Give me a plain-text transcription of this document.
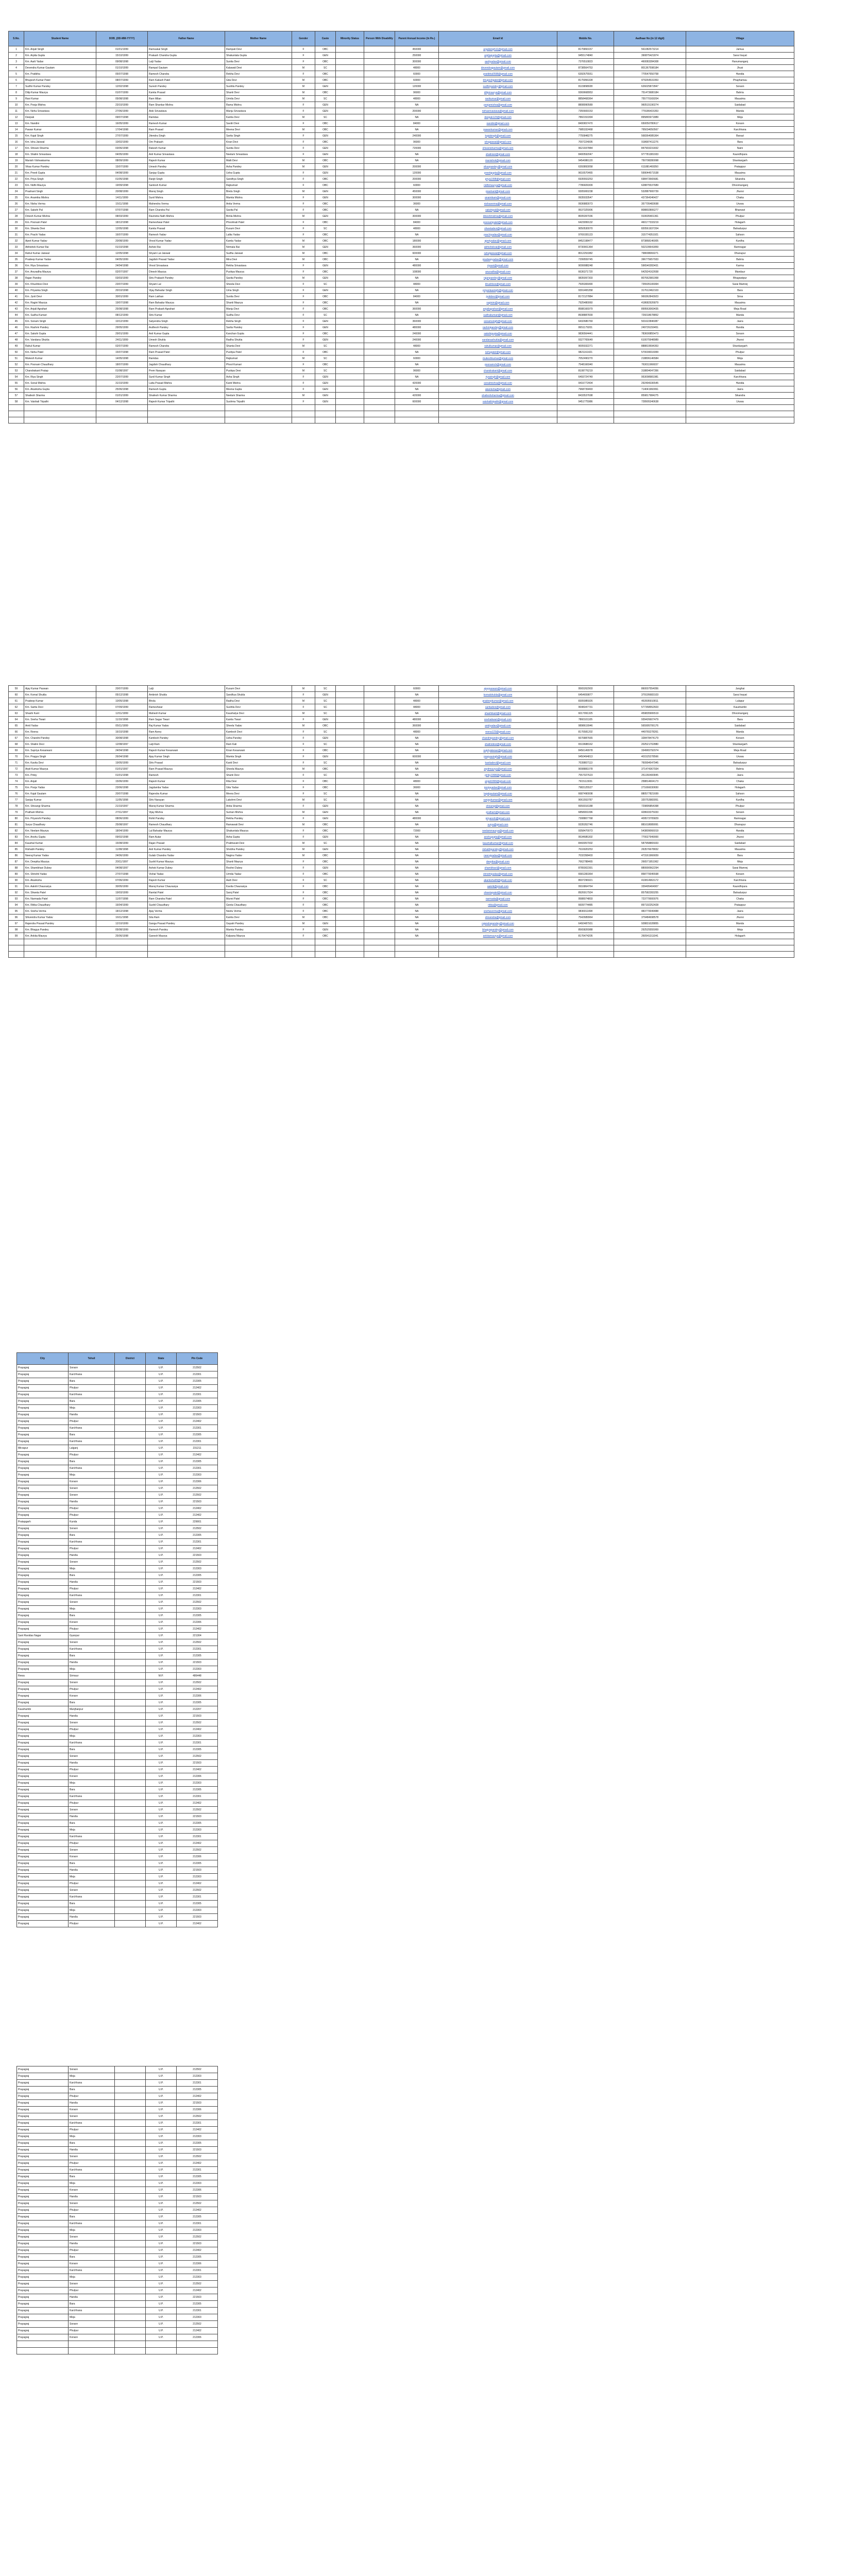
S.No.	Student Name	DOB_(DD-MM-YYYY)	Father Name	Mother Name	Gender	Caste	Minority Status	Person With Disability	Parent Annual Income (In Rs.)	Email Id	Mobile No.	Aadhaar No (in 12 digit)	Village
1	Km. Anjali Singh	01/01/1999	Ramsakal Singh	Rampati Devi	F	OBC			450000	anjalisingh11@gmail.com	8175893157	561082573214	Jamua
2	Km. Arpita Gupta	15/10/1999	Prakash Chandra Gupta	Shakuntala Gupta	F	GEN			250000	arpitagupta@gmail.com	9455174840	390875421874	Sarai Inayat
3	Km. Aarti Yadav	09/08/1998	Lalji Yadav	Sunita Devi	F	OBC			300000	aartiyadav@gmail.com	7376510823	460083284308	Hanumanganj
4	Devendra Kumar Gautam	01/10/1999	Rampal Gautam	Kalawati Devi	M	SC			48000	devendragautam@gmail.com	8738564753	801367598184	Jhusi
5	Km. Pratibha	05/07/1998	Ramesh Chandra	Rekha Devi	F	OBC			60000	pratibha0598@gmail.com	6392675551	770547650758	Handia
6	Bhupesh Kumar Patel	08/07/1999	Ram Kailash Patel	Gita Devi	M	OBC			60000	bhupeshpatel@gmail.com	8175956328	479264531953	Phaphamau
7	Sudhir Kumar Pandey	12/02/1998	Suresh Pandey	Sushila Pandey	M	GEN			120000	sudhirpandey@gmail.com	8115898028	626025872847	Soraon
8	Dilip Kumar Maurya	01/07/1999	Kamta Prasad	Shanti Devi	M	OBC			96000	dilipmaurya@gmail.com	9369668953	751473680184	Bahria
9	Ravi Kumar	05/08/1998	Ram Milan	Urmila Devi	M	SC			48000	ravikumar@gmail.com	8858468364	755770169204	Mauaima
10	Km. Pooja Mishra	23/10/1999	Ram Shankar Mishra	Rama Mishra	F	GEN			NA	poojamishra@gmail.com	8808990589	960515190274	Saidabad
11	Km. Neha Srivastava	27/06/1999	Alok Srivastava	Manju Srivastava	F	GEN			200000	nehasrivastava@gmail.com	7355669153	779186415353	Manda
12	Deepak	09/07/1998	Ramdas	Kamla Devi	M	SC			NA	deepak123@gmail.com	7860153394	895865971889	Meja
13	Km. Nandini	16/05/1999	Ramesh Kumar	Savitri Devi	F	OBC			84000	nandini@gmail.com	8400657470	650050780617	Koraon
14	Pawan Kumar	17/04/1998	Ram Prasad	Meena Devi	M	OBC			NA	pawankumar@gmail.com	7985332468	795034050567	Karchhana
15	Km. Kajal Singh	27/07/1999	Jitendra Singh	Sarita Singh	F	GEN			240000	kajalsingh@gmail.com	7755848275	568364085364	Baraut
16	Km. Isha Jaiswal	10/02/1999	Om Prakash	Kiran Devi	F	OBC			96000	ishajaiswal@gmail.com	7007224005	918687411276	Bara
17	Km. Shivani Sharma	03/06/1998	Rakesh Kumar	Sunita Devi	F	GEN			720000	shivanisharma@gmail.com	9621937884	847903231832	Naini
18	Km. Shalini Srivastava	04/05/1999	Anil Kumar Srivastava	Neelam Srivastava	F	GEN			NA	shalinisri@gmail.com	8400592047	977781381933	Kaundhiyara
19	Manish Vishwakarma	08/09/1999	Rajesh Kumar	Malti Devi	M	OBC			NA	manishvk@gmail.com	9454086120	750708280098	Shankargarh
20	Vikas Kumar Pandey	15/07/1999	Umesh Pandey	Asha Pandey	M	GEN			200000	vikaspandey@gmail.com	6393893058	611881469350	Pratappur
21	Km. Preeti Gupta	04/08/1999	Sanjay Gupta	Usha Gupta	F	GEN			120000	preetigupta@gmail.com	9616570465	599044571538	Mauaima
22	Km. Priya Singh	01/05/1998	Ranjit Singh	Sandhya Singh	F	OBC			200000	priya1998@gmail.com	6935553253	698473565681	Sikandra
23	Km. Nidhi Maurya	19/09/1998	Santosh Kumar	Rajkumari	F	OBC			60000	nidhimaurya@gmail.com	7786609309	628875537689	Dhoomanganj
24	Prashant Singh	20/08/1999	Manoj Singh	Bindu Singh	M	GEN			450000	prashant@gmail.com	9305000238	532887900739	Jhunsi
25	Km. Anamika Mishra	14/11/1999	Sunil Mishra	Mamta Mishra	F	GEN			300000	anamikam@gmail.com	9935033547	437364346427	Chaka
26	Km. Nisha Verma	15/11/1998	Mahendra Verma	Anita Verma	F	OBC			36000	nishaverma@gmail.com	9936883073	357705483698	Uruwa
27	Km. Sakshi Pal	07/07/1998	Ram Chandra Pal	Savita Pal	F	OBC			NA	sakshipal@gmail.com	9537325906	808802806277	Bharwari
28	Dinesh Kumar Mishra	08/03/1999	Ravindra Nath Mishra	Bimla Mishra	M	GEN			300000	dineshmishra@gmail.com	8005397036	910605401361	Phulpur
29	Km. Poonam Patel	18/12/1998	Rameshwar Patel	Phoolmati Patel	F	OBC			84000	poonampatel@gmail.com	6423099132	460177333219	Holagarh
30	Km. Shweta Devi	12/05/1998	Kamla Prasad	Kusum Devi	F	SC			48000	shwetadevi@gmail.com	9050530070	820561937204	Bahadurpur
31	Km. Prachi Yadav	16/07/1999	Ramesh Yadav	Lalita Yadav	F	OBC			NA	prachiyadav@gmail.com	9769155123	315774351921	Sahson
32	Ajeet Kumar Yadav	20/08/1999	Vinod Kumar Yadav	Kamla Yadav	M	OBC			180000	ajeetyadav@gmail.com	8452198477	873868146005	Kurdha
33	Abhishek Kumar Rai	01/10/1998	Ashok Rai	Nirmala Rai	M	GEN			360000	abhishekrai@gmail.com	8730001364	502109641859	Ramnagar
34	Rahul Kumar Jaiswal	12/05/1998	Shyam Lal Jaiswal	Sudha Jaiswal	M	OBC			600000	rahuljaiswal@gmail.com	8012253382	798008069271	Dhanupur
35	Pradeep Kumar Yadav	04/05/1999	Jagdish Prasad Yadav	Mira Devi	M	OBC			NA	pradeepyadav@gmail.com	7299559745	396775657933	Bahria
36	Km. Riya Srivastava	24/04/1998	Vinod Srivastava	Rekha Srivastava	F	GEN			480000	riyasri@gmail.com	9099088248	596540283431	Karma
37	Km. Anuradha Maurya	02/07/1997	Dinesh Maurya	Pushpa Maurya	F	OBC			108000	anuradha@gmail.com	6636371720	642924162658	Mandaur
38	Rajan Pandey	03/03/1999	Shiv Prakash Pandey	Savita Pandey	M	GEN			NA	rajanpandey@gmail.com	9835097303	807662981958	Bhagwatpur
39	Km. Khushboo Devi	23/07/1999	Shyam Lal	Sheela Devi	F	SC			48000	khushboo@gmail.com	7505306490	735505106994	Sarai Mamrej
40	Km. Priyanka Singh	20/10/1998	Vijay Bahadur Singh	Uma Singh	F	GEN			NA	priyankasingh@gmail.com	9391465358	317612462103	Bara
41	Km. Jyoti Devi	30/01/1999	Ram Lakhan	Sunita Devi	F	OBC			84000	jyotidevi@gmail.com	8172127884	969362843923	Sirsa
42	Km. Ragini Maurya	19/07/1998	Ram Bahadur Maurya	Shanti Maurya	F	OBC			NA	raginim@gmail.com	7925480060	418682926879	Mauaima
43	Km. Anjali Agrahari	25/08/1998	Ram Prakash Agrahari	Manju Devi	F	OBC			360000	anjaliagrahari@gmail.com	8588166979	899563069435	Meja Road
44	Km. Sudha Kumari	08/12/1999	Shiv Kumar	Sudha Devi	F	SC			NA	sudhakumari@gmail.com	8938887839	726018678852	Manda
45	Km. Sonam Singh	10/12/1999	Satyendra Singh	Rekha Singh	F	GEN			360000	sonamsingh@gmail.com	6432686769	501622846087	Jasra
46	Km. Rashmi Pandey	29/05/1999	Avdhesh Pandey	Sarita Pandey	F	GEN			480000	rashmipandey@gmail.com	8651179201	249726159451	Handia
47	Km. Sakshi Gupta	29/01/1999	Anil Kumar Gupta	Kanchan Gupta	F	OBC			240000	sakshigupta@gmail.com	9836564441	783600855473	Soraon
48	Km. Vandana Shukla	24/11/1999	Umesh Shukla	Radha Shukla	F	GEN			240000	vandanashukla@gmail.com	9327765649	610075948989	Jhunsi
49	Rahul Kumar	02/07/1999	Ramesh Chandra	Shanta Devi	M	SC			48000	rahulkumar@gmail.com	9005032271	888819594353	Shankargarh
50	Km. Neha Patel	15/07/1998	Ram Prasad Patel	Pushpa Patel	F	OBC			NA	nehapatel@gmail.com	9821161421	570039016999	Phulpur
51	Mukesh Kumar	14/05/1998	Ramdas	Rajkumari	M	SC			60000	mukeshkumar@gmail.com	7052490270	218806146584	Meja
52	Km. Poonam Chaudhary	18/07/1999	Jagdish Chaudhary	Phool Kumari	F	OBC			NA	poonamch@gmail.com	7548166940	763011966037	Mauaima
53	Chandrakant Pratap	01/08/1997	Prem Narayan	Pushpa Devi	M	SC			96000	chandrakant@gmail.com	8108776219	318804047356	Saidabad
54	Km. Riya Singh	22/07/1999	Sunil Kumar Singh	Asha Singh	F	GEN			NA	riyasingh@gmail.com	6493724749	953098981981	Karchhana
55	Km. Sonal Mishra	31/10/1999	Lalta Prasad Mishra	Kanti Mishra	F	GEN			420000	sonalmishra@gmail.com	9416772404	292494336545	Handia
56	Km. Akanksha Gupta	25/06/1998	Ramesh Gupta	Meena Gupta	F	GEN			NA	akanksha@gmail.com	7968739493	714041960061	Jasra
57	Shailesh Sharma	01/01/1999	Shailesh Kumar Sharma	Neelam Sharma	M	GEN			420000	shaileshsharma@gmail.com	8433537698	859817984275	Sikandra
58	Km. Vaishali Tripathi	04/12/1998	Rajesh Kumar Tripathi	Sushma Tripathi	F	GEN			600000	vaishalitripathi@gmail.com	9451775986	728905340638	Uruwa

59	Ajay Kumar Paswan	20/07/1999	Lalji	Kusum Devi	M	SC			60000	ajaypaswan@gmail.com	9565262903	860007554056	Janghai
60	Km. Komal Shukla	05/12/1998	Ambrish Shukla	Sandhya Shukla	F	GEN			NA	komalshukla@gmail.com	6454659877	379195683103	Sarai Inayat
61	Pradeep Kumar	10/05/1998	Bhola	Radha Devi	M	SC			48000	pradeepkumar@gmail.com	8305085926	453595910811	Lalapur
62	Km. Sarita Devi	07/09/1999	Rameshwar	Sushila Devi	F	SC			48000	saritadevi@gmail.com	9648347731	577358552603	Kaushambi
63	Shashi Kant	12/11/1999	Mahesh Kumar	Kaushalya Devi	M	SC			NA	shashikant@gmail.com	6017091325	459835906519	Dhoomanganj
64	Km. Sneha Tiwari	11/10/1998	Ram Sagar Tiwari	Kamla Tiwari	F	GEN			480000	snehatiwari@gmail.com	7860101105	939426607479	Bara
65	Amit Yadav	05/11/1999	Raj Kumar Yadav	Sheela Yadav	M	OBC			360000	amityadav@gmail.com	9898619946	565995706176	Saidabad
66	Km. Reena	16/10/1998	Ram Asrey	Kamlesh Devi	F	SC			48000	reena123@gmail.com	8176581202	449765278261	Manda
67	Km. Chandni Pandey	30/08/1998	Kamlesh Pandey	Usha Pandey	F	GEN			NA	chandnipandey@gmail.com	6676887665	328478474179	Koraon
68	Km. Shalini Devi	12/08/1997	Lalji Ram	Ram Kali	F	SC			NA	shalinidevi@gmail.com	6519688162	202521702880	Shankargarh
69	Km. Supriya Kesarwani	24/04/1998	Rajesh Kumar Kesarwani	Kiran Kesarwani	F	OBC			NA	supriyakesar@gmail.com	8456149978	334965792074	Meja Road
70	Km. Pragya Singh	26/04/1998	Ajay Kumar Singh	Mamta Singh	F	GEN			600000	pragyasingh@gmail.com	9450494813	401525278566	Uruwa
71	Km. Kavita Devi	19/05/1999	Shiv Prasad	Kanti Devi	F	SC			NA	kavitadevi@gmail.com	7039807113	760994547945	Bahadurpur
72	Arpit Kumar Maurya	01/01/1997	Ram Prasad Maurya	Sheela Maurya	M	OBC			NA	arpitmaurya@gmail.com	9008881078	371474367934	Bahria
73	Km. Pinky	01/01/1998	Ramesh	Shanti Devi	F	SC			NA	pinky1998@gmail.com	7557027623	251150400945	Jasra
74	Km. Anjali	15/06/1999	Rajesh Kumar	Rita Devi	F	OBC			48000	anjali1999@gmail.com	7915113031	258814604173	Chaka
75	Km. Pooja Yadav	23/06/1998	Jagdamba Yadav	Gita Yadav	F	OBC			36000	poojayadav@gmail.com	7983125527	271666030650	Holagarh
76	Km. Kajal Gautam	20/07/1998	Rajendra Kumar	Meera Devi	F	SC			NA	kajalgautam@gmail.com	6687490008	880577821699	Sahson
77	Sanjay Kumar	11/05/1998	Shiv Narayan	Lakshmi Devi	M	SC			NA	sanjaykumar@gmail.com	9061553787	320753983051	Kurdha
78	Km. Shivangi Sharma	21/10/1997	Manoj Kumar Sharma	Anita Sharma	F	GEN			NA	shivangi@gmail.com	6659316188	729895854398	Phulpur
79	Pratham Mishra	27/11/1997	Vijay Mishra	Suman Mishra	M	GEN			NA	pratham@gmail.com	6858001096	428603375033	Soraon
80	Km. Priyanshi Pandey	08/06/1999	Rohit Pandey	Rekha Pandey	F	GEN			480000	priyanshi@gmail.com	7308807768	409573705829	Ramnagar
81	Surya Chaudhary	25/08/1997	Ramesh Chaudhary	Ramawati Devi	M	OBC			NA	surya@gmail.com	9335352746	881618089091	Dhanupur
82	Km. Neelam Maurya	18/04/1999	Lal Bahadur Maurya	Shakuntala Maurya	F	OBC			72000	neelammaurya@gmail.com	9358470073	543809066019	Handia
83	Km. Anshu Gupta	09/02/1998	Ram Autar	Asha Gupta	F	GEN			NA	anshugupta@gmail.com	9534685302	770027949000	Jhunsi
84	Kaushal Kumar	15/08/1999	Rajan Prasad	Prabhavati Devi	M	SC			NA	kaushalkumar@gmail.com	8443057002	587958865933	Saidabad
85	Rishabh Pandey	11/08/1998	Anil Kumar Pandey	Shobha Pandey	M	GEN			NA	rishabhpandey@gmail.com	7616920253	263576678652	Mauaima
86	Neeraj Kumar Yadav	24/06/1999	Gulab Chandra Yadav	Nagina Yadav	M	OBC			NA	neerajyadav@gmail.com	7032358403	473161966659	Bara
87	Km. Deepika Maurya	20/11/1997	Sushil Kumar Maurya	Shanti Maurya	F	OBC			NA	deepika@gmail.com	7662788465	266571951962	Meja
88	Km. Shambhavi Dubey	04/08/1997	Ashok Kumar Dubey	Roshni Dubey	F	GEN			NA	shambhavi@gmail.com	8789302391	889990562294	Sarai Mamrej
89	Km. Shrishti Yadav	27/07/1998	Vishal Yadav	Urmila Yadav	F	OBC			NA	shrishtiyadav@gmail.com	6581283364	858770045598	Koraon
90	Km. Akanksha	07/06/1999	Rajesh Kumar	Aarti Devi	F	SC			NA	akanksha99@gmail.com	8697296921	410814963172	Karchhana
91	Km. Aakriti Chaurasiya	30/05/1999	Manoj Kumar Chaurasiya	Kavita Chaurasiya	F	OBC			NA	aakriti@gmail.com	9916864764	339495404907	Kaundhiyara
92	Km. Shweta Patel	19/03/1999	Ramlal Patel	Saroj Patel	F	OBC			NA	shwetapatel@gmail.com	8926917924	857582283255	Bahadurpur
93	Km. Narmada Patel	11/07/1998	Ram Chandra Patel	Munni Patel	F	OBC			NA	narmada@gmail.com	9588074803	723770000076	Chaka
94	Km. Ritika Chaudhary	16/04/1999	Sushil Chaudhary	Geeta Chaudhary	F	OBC			NA	ritika@gmail.com	6609774485	897192252428	Pratappur
95	Km. Sneha Verma	18/12/1998	Ajay Verma	Neetu Verma	F	OBC			NA	snehaverma@gmail.com	9836911408	483770049488	Jasra
96	Shivendra Kumar Yadav	16/11/1998	Sita Ram	Kamla Devi	M	OBC			NA	shivendra@gmail.com	7542689964	379484698578	Jhunsi
97	Rajendra Prasad Pandey	12/10/1999	Ganga Prasad Pandey	Gayatri Pandey	M	GEN			NA	rajendrapandey@gmail.com	6492487931	928831028855	Manda
98	Km. Bhagya Pandey	05/08/1999	Ramesh Pandey	Mamta Pandey	F	GEN			NA	bhagyapandey@gmail.com	8565826988	292525555069	Meja
99	Km. Ankita Maurya	25/06/1998	Ganesh Maurya	Kalpana Maurya	F	OBC			NA	ankitamaurya@gmail.com	8176474205	260541311041	Holagarh

City	Tehsil	District	State	Pin Code
Prayagraj	Soraon		U.P.	212502
Prayagraj	Karchhana		U.P.	212301
Prayagraj	Bara		U.P.	212305
Prayagraj	Phulpur		U.P.	212402
Prayagraj	Karchhana		U.P.	212301
Prayagraj	Bara		U.P.	212305
Prayagraj	Meja		U.P.	212303
Prayagraj	Handia		U.P.	221503
Prayagraj	Phulpur		U.P.	212402
Prayagraj	Karchhana		U.P.	212301
Prayagraj	Bara		U.P.	212305
Prayagraj	Karchhana		U.P.	212301
Mirzapur	Lalganj		U.P.	231211
Prayagraj	Phulpur		U.P.	212402
Prayagraj	Bara		U.P.	212305
Prayagraj	Karchhana		U.P.	212301
Prayagraj	Meja		U.P.	212303
Prayagraj	Koraon		U.P.	212306
Prayagraj	Soraon		U.P.	212502
Prayagraj	Soraon		U.P.	212502
Prayagraj	Handia		U.P.	221503
Prayagraj	Phulpur		U.P.	212402
Prayagraj	Phulpur		U.P.	212402
Pratapgarh	Kunda		U.P.	229001
Prayagraj	Soraon		U.P.	212502
Prayagraj	Bara		U.P.	212305
Prayagraj	Karchhana		U.P.	212301
Prayagraj	Phulpur		U.P.	212402
Prayagraj	Handia		U.P.	221503
Prayagraj	Soraon		U.P.	212502
Prayagraj	Meja		U.P.	212303
Prayagraj	Bara		U.P.	212305
Prayagraj	Handia		U.P.	221503
Prayagraj	Phulpur		U.P.	212402
Prayagraj	Karchhana		U.P.	212301
Prayagraj	Soraon		U.P.	212502
Prayagraj	Meja		U.P.	212303
Prayagraj	Bara		U.P.	212305
Prayagraj	Koraon		U.P.	212306
Prayagraj	Phulpur		U.P.	212402
Sant Ravidas Nagar	Gyanpur		U.P.	221304
Prayagraj	Soraon		U.P.	212502
Prayagraj	Karchhana		U.P.	212301
Prayagraj	Bara		U.P.	212305
Prayagraj	Handia		U.P.	221503
Prayagraj	Meja		U.P.	212303
Rewa	Sirmaur		M.P.	486448
Prayagraj	Soraon		U.P.	212502
Prayagraj	Phulpur		U.P.	212402
Prayagraj	Koraon		U.P.	212306
Prayagraj	Bara		U.P.	212305
Kaushambi	Manjhanpur		U.P.	212207
Prayagraj	Handia		U.P.	221503
Prayagraj	Soraon		U.P.	212502
Prayagraj	Phulpur		U.P.	212402
Prayagraj	Meja		U.P.	212303
Prayagraj	Karchhana		U.P.	212301
Prayagraj	Bara		U.P.	212305
Prayagraj	Soraon		U.P.	212502
Prayagraj	Handia		U.P.	221503
Prayagraj	Phulpur		U.P.	212402
Prayagraj	Koraon		U.P.	212306
Prayagraj	Meja		U.P.	212303
Prayagraj	Bara		U.P.	212305
Prayagraj	Karchhana		U.P.	212301
Prayagraj	Phulpur		U.P.	212402
Prayagraj	Soraon		U.P.	212502
Prayagraj	Handia		U.P.	221503
Prayagraj	Bara		U.P.	212305
Prayagraj	Meja		U.P.	212303
Prayagraj	Karchhana		U.P.	212301
Prayagraj	Phulpur		U.P.	212402
Prayagraj	Soraon		U.P.	212502
Prayagraj	Koraon		U.P.	212306
Prayagraj	Bara		U.P.	212305
Prayagraj	Handia		U.P.	221503
Prayagraj	Meja		U.P.	212303
Prayagraj	Phulpur		U.P.	212402
Prayagraj	Soraon		U.P.	212502
Prayagraj	Karchhana		U.P.	212301
Prayagraj	Bara		U.P.	212305
Prayagraj	Meja		U.P.	212303
Prayagraj	Handia		U.P.	221503
Prayagraj	Phulpur		U.P.	212402
Prayagraj	Soraon		U.P.	212502
Prayagraj	Meja		U.P.	212303
Prayagraj	Karchhana		U.P.	212301
Prayagraj	Bara		U.P.	212305
Prayagraj	Phulpur		U.P.	212402
Prayagraj	Handia		U.P.	221503
Prayagraj	Koraon		U.P.	212306
Prayagraj	Soraon		U.P.	212502
Prayagraj	Karchhana		U.P.	212301
Prayagraj	Phulpur		U.P.	212402
Prayagraj	Meja		U.P.	212303
Prayagraj	Bara		U.P.	212305
Prayagraj	Handia		U.P.	221503
Prayagraj	Soraon		U.P.	212502
Prayagraj	Phulpur		U.P.	212402
Prayagraj	Karchhana		U.P.	212301
Prayagraj	Bara		U.P.	212305
Prayagraj	Meja		U.P.	212303
Prayagraj	Koraon		U.P.	212306
Prayagraj	Handia		U.P.	221503
Prayagraj	Soraon		U.P.	212502
Prayagraj	Phulpur		U.P.	212402
Prayagraj	Bara		U.P.	212305
Prayagraj	Karchhana		U.P.	212301
Prayagraj	Meja		U.P.	212303
Prayagraj	Soraon		U.P.	212502
Prayagraj	Handia		U.P.	221503
Prayagraj	Phulpur		U.P.	212402
Prayagraj	Bara		U.P.	212305
Prayagraj	Koraon		U.P.	212306
Prayagraj	Karchhana		U.P.	212301
Prayagraj	Meja		U.P.	212303
Prayagraj	Soraon		U.P.	212502
Prayagraj	Phulpur		U.P.	212402
Prayagraj	Handia		U.P.	221503
Prayagraj	Bara		U.P.	212305
Prayagraj	Karchhana		U.P.	212301
Prayagraj	Meja		U.P.	212303
Prayagraj	Soraon		U.P.	212502
Prayagraj	Phulpur		U.P.	212402
Prayagraj	Koraon		U.P.	212306
